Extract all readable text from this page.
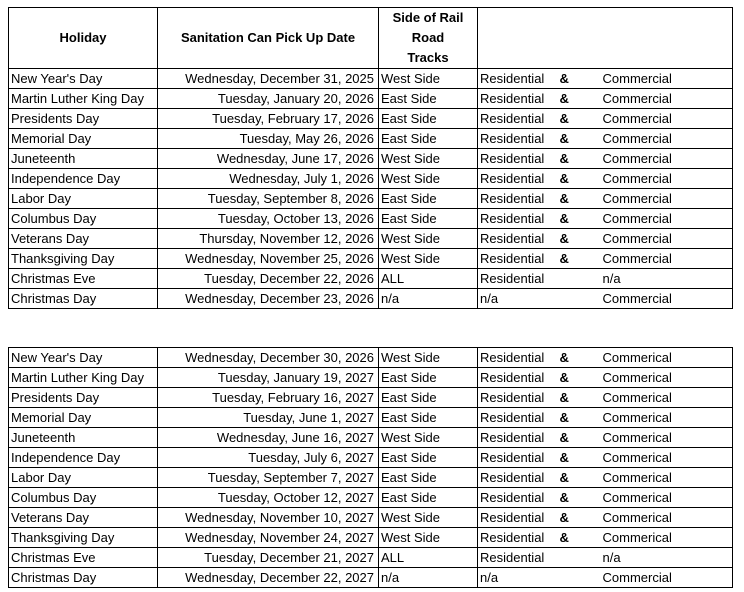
Holiday	Sanitation Can Pick Up Date	Side of Rail
Road
Tracks			

New Year's Day	Wednesday, December 31, 2025	West Side	Residential	&	Commercial
Martin Luther King Day	Tuesday, January 20, 2026	East Side	Residential	&	Commercial
Presidents Day	Tuesday, February 17, 2026	East Side	Residential	&	Commercial
Memorial Day	Tuesday, May 26, 2026	East Side	Residential	&	Commercial
Juneteenth	Wednesday, June 17, 2026	West Side	Residential	&	Commercial
Independence Day	Wednesday, July 1, 2026	West Side	Residential	&	Commercial
Labor Day	Tuesday, September 8, 2026	East Side	Residential	&	Commercial
Columbus Day	Tuesday, October 13, 2026	East Side	Residential	&	Commercial
Veterans Day	Thursday, November 12, 2026	West Side	Residential	&	Commercial
Thanksgiving Day	Wednesday, November 25, 2026	West Side	Residential	&	Commercial
Christmas Eve	Tuesday, December 22, 2026	ALL	Residential		n/a
Christmas Day	Wednesday, December 23, 2026	n/a	n/a		Commercial
New Year's Day	Wednesday, December 30, 2026	West Side	Residential	&	Commerical
Martin Luther King Day	Tuesday, January 19, 2027	East Side	Residential	&	Commerical
Presidents Day	Tuesday, February 16, 2027	East Side	Residential	&	Commerical
Memorial Day	Tuesday, June 1, 2027	East Side	Residential	&	Commerical
Juneteenth	Wednesday, June 16, 2027	West Side	Residential	&	Commerical
Independence Day	Tuesday, July 6, 2027	East Side	Residential	&	Commerical
Labor Day	Tuesday, September 7, 2027	East Side	Residential	&	Commerical
Columbus Day	Tuesday, October 12, 2027	East Side	Residential	&	Commerical
Veterans Day	Wednesday, November 10, 2027	West Side	Residential	&	Commerical
Thanksgiving Day	Wednesday, November 24, 2027	West Side	Residential	&	Commerical
Christmas Eve	Tuesday, December 21, 2027	ALL	Residential		n/a
Christmas Day	Wednesday, December 22, 2027	n/a	n/a		Commercial
